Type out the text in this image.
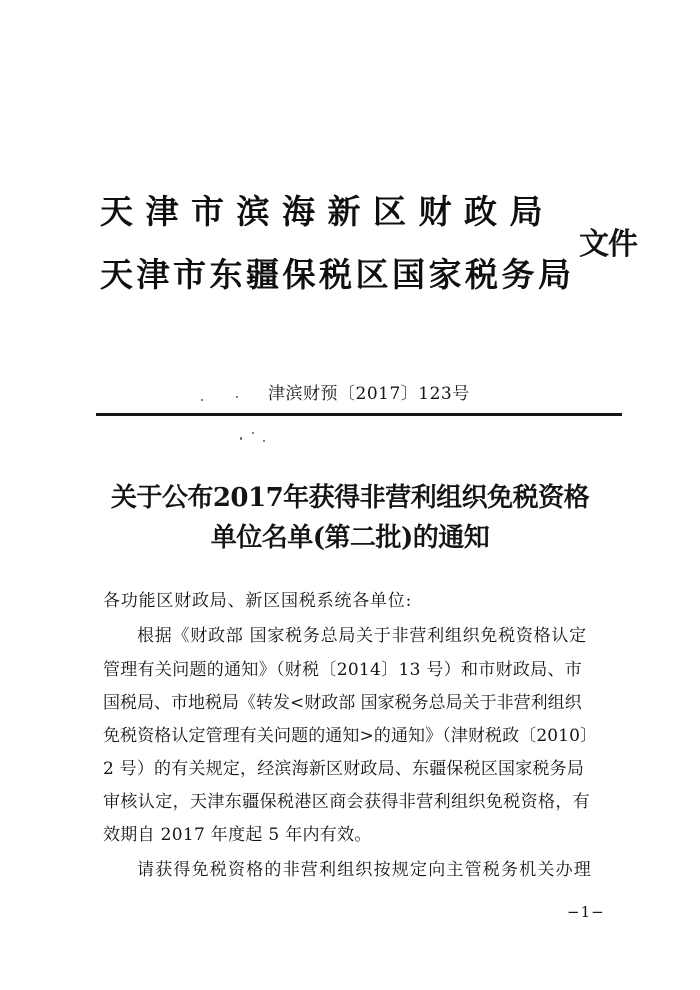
天津市滨海新区财政局
天津市东疆保税区国家税务局
文件
津滨财预〔2017〕123号
关于公布2017年获得非营利组织免税资格
单位名单(第二批)的通知
各功能区财政局、新区国税系统各单位:
根据《财政部 国家税务总局关于非营利组织免税资格认定
管理有关问题的通知》（财税〔2014〕13 号）和市财政局、市
国税局、市地税局《转发<财政部 国家税务总局关于非营利组织
免税资格认定管理有关问题的通知>的通知》（津财税政〔2010〕
2 号）的有关规定，经滨海新区财政局、东疆保税区国家税务局
审核认定，天津东疆保税港区商会获得非营利组织免税资格，有
效期自 2017 年度起 5 年内有效。
请获得免税资格的非营利组织按规定向主管税务机关办理
−1−
